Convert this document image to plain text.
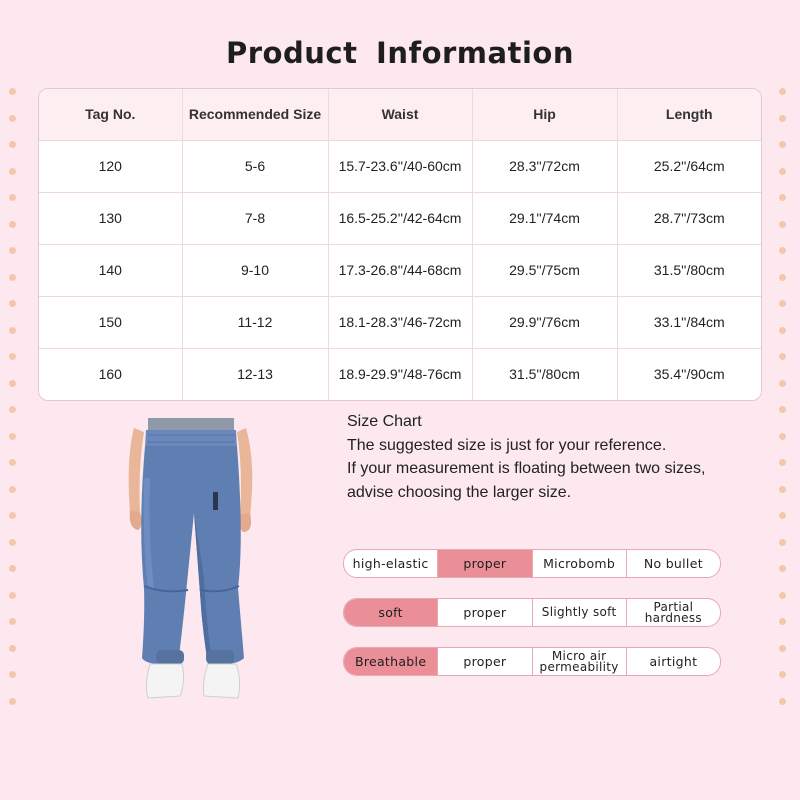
Product Information
Tag No.	Recommended Size	Waist	Hip	Length
120	5-6	15.7-23.6''/40-60cm	28.3''/72cm	25.2''/64cm
130	7-8	16.5-25.2''/42-64cm	29.1''/74cm	28.7''/73cm
140	9-10	17.3-26.8''/44-68cm	29.5''/75cm	31.5''/80cm
150	11-12	18.1-28.3''/46-72cm	29.9''/76cm	33.1''/84cm
160	12-13	18.9-29.9''/48-76cm	31.5''/80cm	35.4''/90cm
Size Chart
The suggested size is just for your reference.
If your measurement is floating between two sizes,
advise choosing the larger size.
high-elastic	proper	Microbomb	No bullet
soft	proper	Slightly soft	Partial hardness
Breathable	proper	Micro air permeability	airtight
